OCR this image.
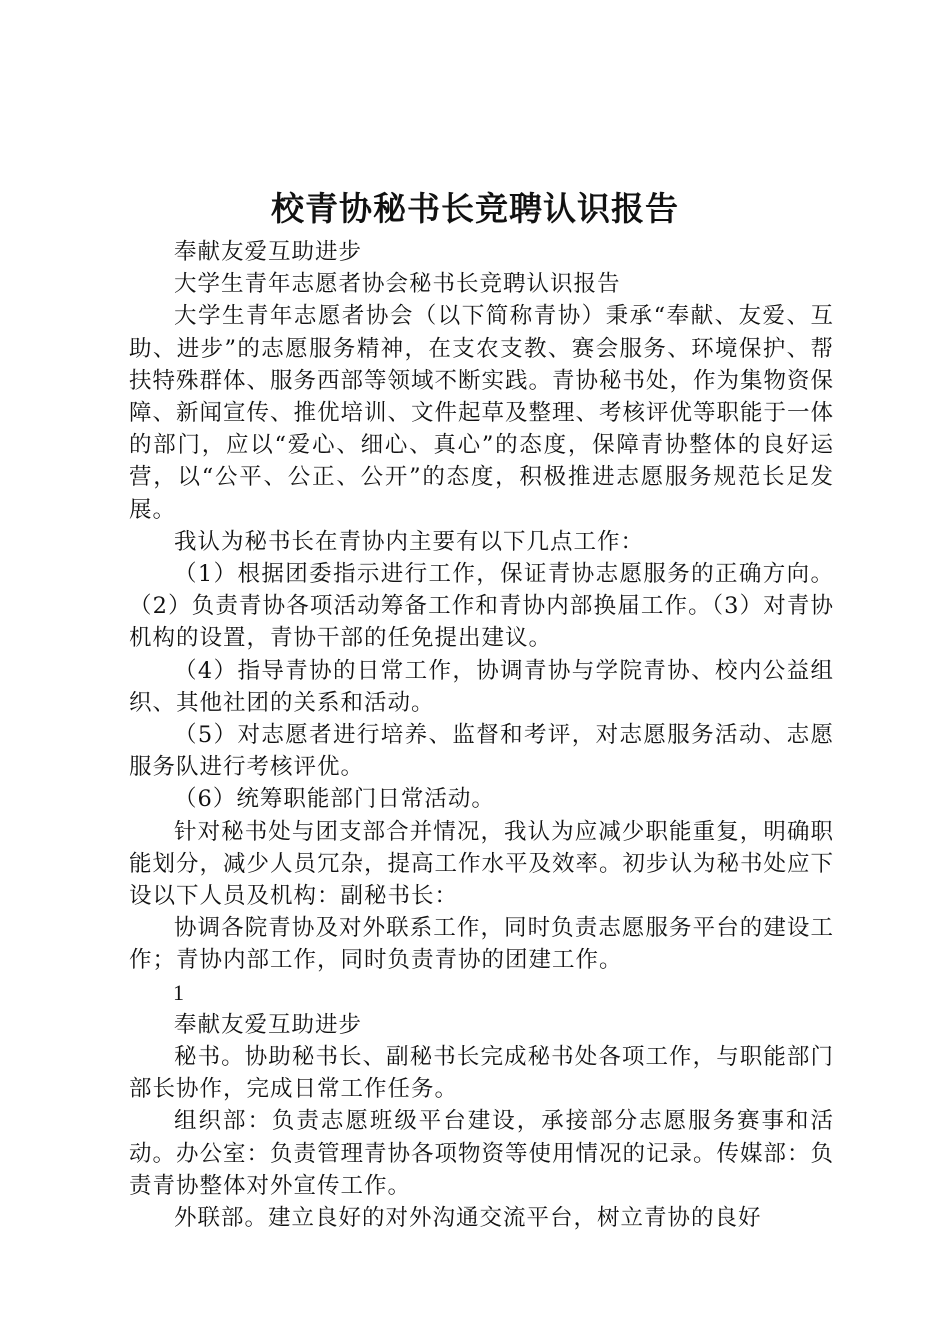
校青协秘书长竞聘认识报告

奉献友爱互助进步

大学生青年志愿者协会秘书长竞聘认识报告

大学生青年志愿者协会（以下简称青协）秉承“奉献、友爱、互助、进步”的志愿服务精神，在支农支教、赛会服务、环境保护、帮扶特殊群体、服务西部等领域不断实践。青协秘书处，作为集物资保障、新闻宣传、推优培训、文件起草及整理、考核评优等职能于一体的部门，应以“爱心、细心、真心”的态度，保障青协整体的良好运营，以“公平、公正、公开”的态度，积极推进志愿服务规范长足发展。

我认为秘书长在青协内主要有以下几点工作：

（1）根据团委指示进行工作，保证青协志愿服务的正确方向。（2）负责青协各项活动筹备工作和青协内部换届工作。（3）对青协机构的设置，青协干部的任免提出建议。

（4）指导青协的日常工作，协调青协与学院青协、校内公益组织、其他社团的关系和活动。

（5）对志愿者进行培养、监督和考评，对志愿服务活动、志愿服务队进行考核评优。

（6）统筹职能部门日常活动。

针对秘书处与团支部合并情况，我认为应减少职能重复，明确职能划分，减少人员冗杂，提高工作水平及效率。初步认为秘书处应下设以下人员及机构：副秘书长：

协调各院青协及对外联系工作，同时负责志愿服务平台的建设工作；青协内部工作，同时负责青协的团建工作。

1

奉献友爱互助进步

秘书。协助秘书长、副秘书长完成秘书处各项工作，与职能部门部长协作，完成日常工作任务。

组织部：负责志愿班级平台建设，承接部分志愿服务赛事和活动。办公室：负责管理青协各项物资等使用情况的记录。传媒部：负责青协整体对外宣传工作。

外联部。建立良好的对外沟通交流平台，树立青协的良好
